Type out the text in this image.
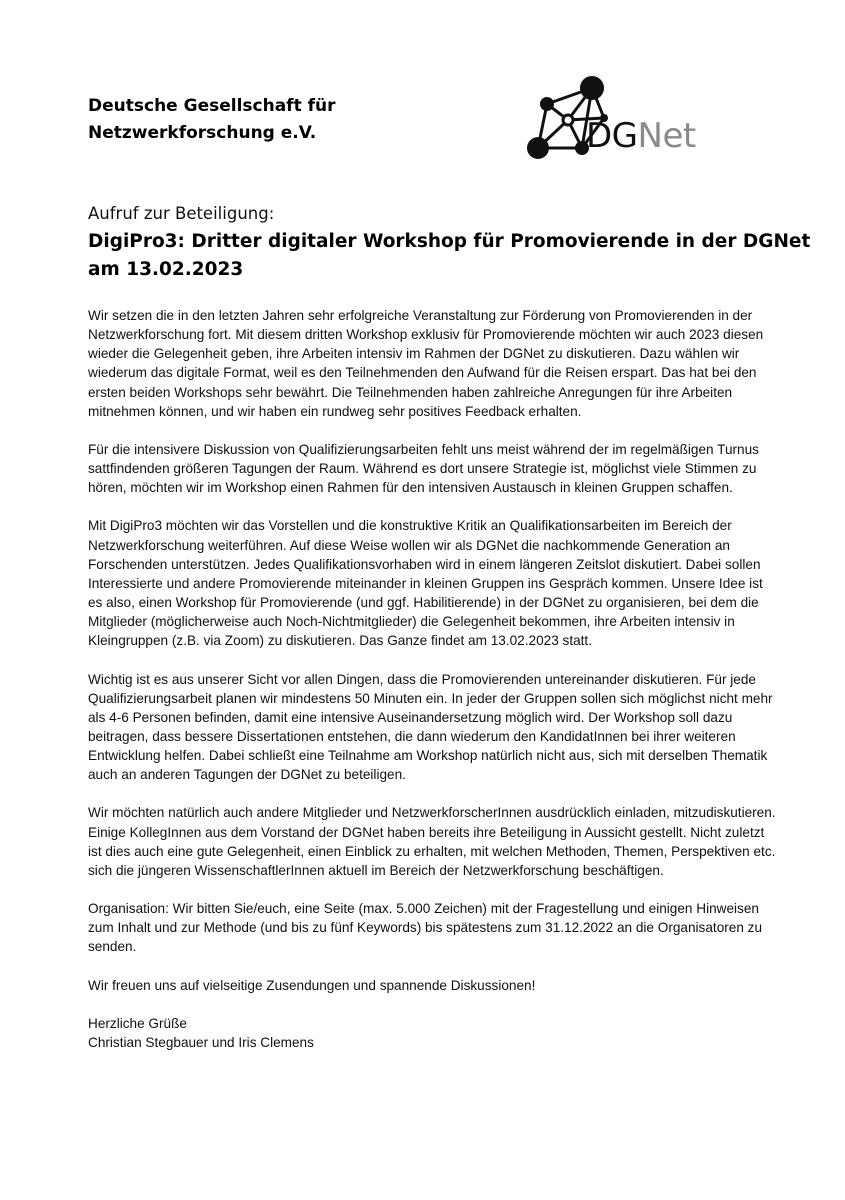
Deutsche Gesellschaft für
Netzwerkforschung e.V.	DGNet
Aufruf zur Beteiligung:
DigiPro3: Dritter digitaler Workshop für Promovierende in der DGNet
am 13.02.2023

Wir setzen die in den letzten Jahren sehr erfolgreiche Veranstaltung zur Förderung von Promovierenden in der Netzwerkforschung fort. Mit diesem dritten Workshop exklusiv für Promovierende möchten wir auch 2023 diesen wieder die Gelegenheit geben, ihre Arbeiten intensiv im Rahmen der DGNet zu diskutieren. Dazu wählen wir wiederum das digitale Format, weil es den Teilnehmenden den Aufwand für die Reisen erspart. Das hat bei den ersten beiden Workshops sehr bewährt. Die Teilnehmenden haben zahlreiche Anregungen für ihre Arbeiten mitnehmen können, und wir haben ein rundweg sehr positives Feedback erhalten.

Für die intensivere Diskussion von Qualifizierungsarbeiten fehlt uns meist während der im regelmäßigen Turnus sattfindenden größeren Tagungen der Raum. Während es dort unsere Strategie ist, möglichst viele Stimmen zu hören, möchten wir im Workshop einen Rahmen für den intensiven Austausch in kleinen Gruppen schaffen.

Mit DigiPro3 möchten wir das Vorstellen und die konstruktive Kritik an Qualifikationsarbeiten im Bereich der Netzwerkforschung weiterführen. Auf diese Weise wollen wir als DGNet die nachkommende Generation an Forschenden unterstützen. Jedes Qualifikationsvorhaben wird in einem längeren Zeitslot diskutiert. Dabei sollen Interessierte und andere Promovierende miteinander in kleinen Gruppen ins Gespräch kommen. Unsere Idee ist es also, einen Workshop für Promovierende (und ggf. Habilitierende) in der DGNet zu organisieren, bei dem die Mitglieder (möglicherweise auch Noch-Nichtmitglieder) die Gelegenheit bekommen, ihre Arbeiten intensiv in Kleingruppen (z.B. via Zoom) zu diskutieren. Das Ganze findet am 13.02.2023 statt.

Wichtig ist es aus unserer Sicht vor allen Dingen, dass die Promovierenden untereinander diskutieren. Für jede Qualifizierungsarbeit planen wir mindestens 50 Minuten ein. In jeder der Gruppen sollen sich möglichst nicht mehr als 4-6 Personen befinden, damit eine intensive Auseinandersetzung möglich wird. Der Workshop soll dazu beitragen, dass bessere Dissertationen entstehen, die dann wiederum den KandidatInnen bei ihrer weiteren Entwicklung helfen. Dabei schließt eine Teilnahme am Workshop natürlich nicht aus, sich mit derselben Thematik auch an anderen Tagungen der DGNet zu beteiligen.

Wir möchten natürlich auch andere Mitglieder und NetzwerkforscherInnen ausdrücklich einladen, mitzudiskutieren. Einige KollegInnen aus dem Vorstand der DGNet haben bereits ihre Beteiligung in Aussicht gestellt. Nicht zuletzt ist dies auch eine gute Gelegenheit, einen Einblick zu erhalten, mit welchen Methoden, Themen, Perspektiven etc. sich die jüngeren WissenschaftlerInnen aktuell im Bereich der Netzwerkforschung beschäftigen.

Organisation: Wir bitten Sie/euch, eine Seite (max. 5.000 Zeichen) mit der Fragestellung und einigen Hinweisen zum Inhalt und zur Methode (und bis zu fünf Keywords) bis spätestens zum 31.12.2022 an die Organisatoren zu senden.

Wir freuen uns auf vielseitige Zusendungen und spannende Diskussionen!

Herzliche Grüße
Christian Stegbauer und Iris Clemens
